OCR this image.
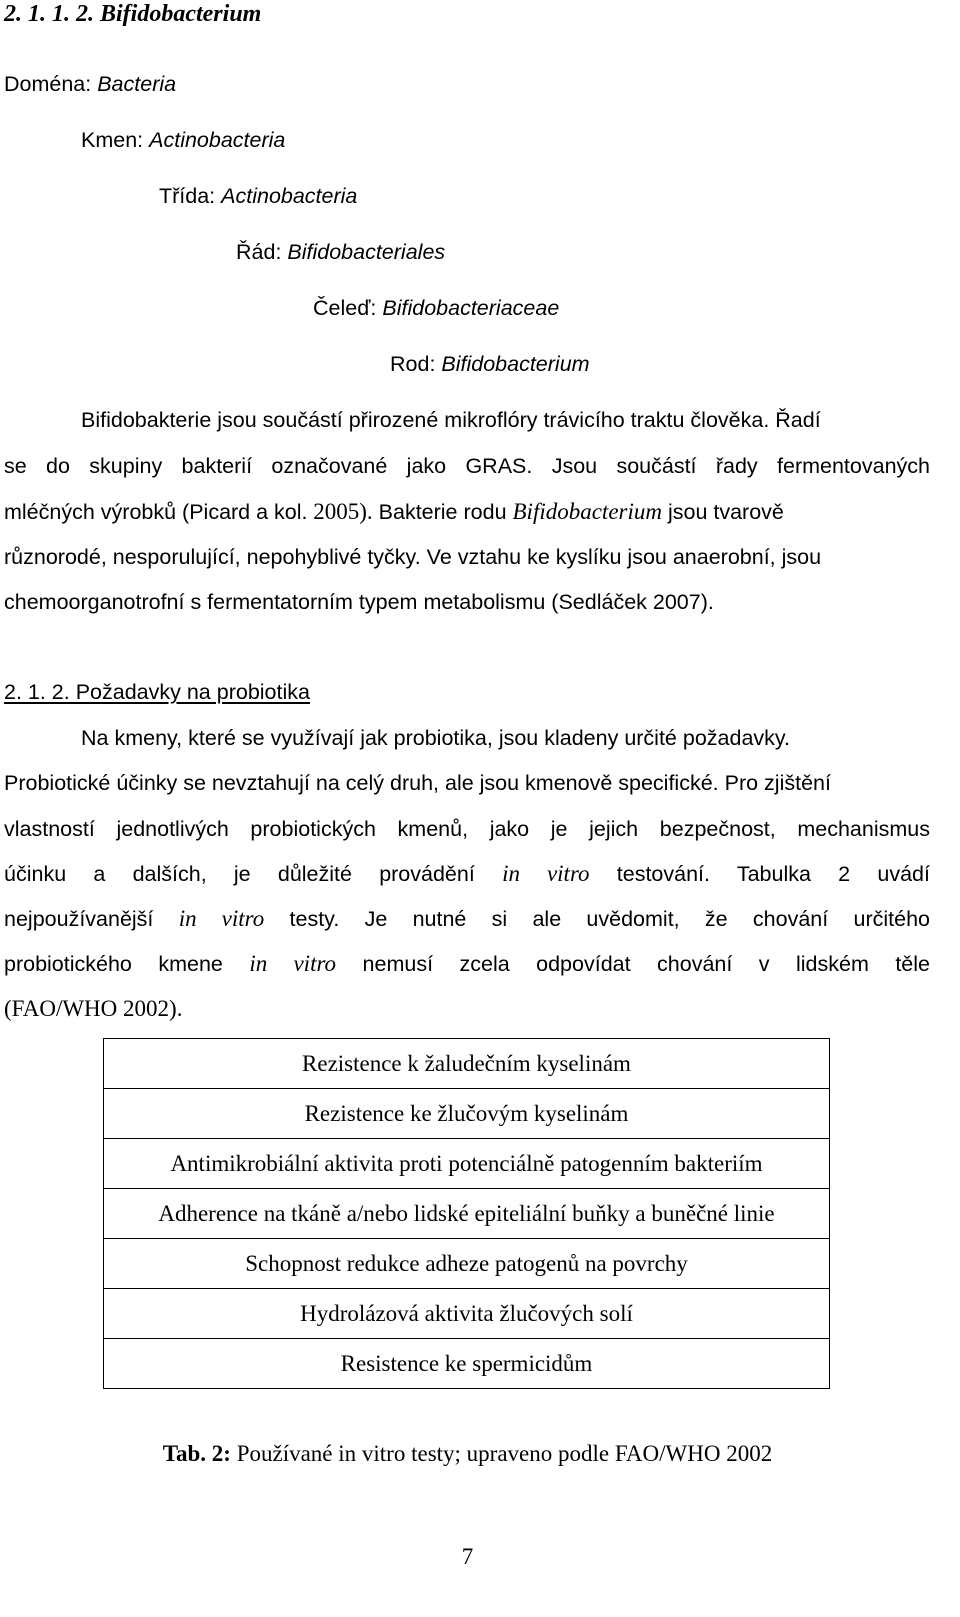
2. 1. 1. 2. Bifidobacterium
Doména: Bacteria
Kmen: Actinobacteria
Třída: Actinobacteria
Řád: Bifidobacteriales
Čeleď: Bifidobacteriaceae
Rod: Bifidobacterium
Bifidobakterie jsou součástí přirozené mikroflóry trávicího traktu člověka. Řadí
se do skupiny bakterií označované jako GRAS. Jsou součástí řady fermentovaných
mléčných výrobků (Picard a kol. 2005). Bakterie rodu Bifidobacterium jsou tvarově
různorodé, nesporulující, nepohyblivé tyčky. Ve vztahu ke kyslíku jsou anaerobní, jsou
chemoorganotrofní s fermentatorním typem metabolismu (Sedláček 2007).
2. 1. 2. Požadavky na probiotika
Na kmeny, které se využívají jak probiotika, jsou kladeny určité požadavky.
Probiotické účinky se nevztahují na celý druh, ale jsou kmenově specifické. Pro zjištění
vlastností jednotlivých probiotických kmenů, jako je jejich bezpečnost, mechanismus
účinku a dalších, je důležité provádění in vitro testování. Tabulka 2 uvádí
nejpoužívanější in vitro testy. Je nutné si ale uvědomit, že chování určitého
probiotického kmene in vitro nemusí zcela odpovídat chování v lidském těle
(FAO/WHO 2002).
Rezistence k žaludečním kyselinám
Rezistence ke žlučovým kyselinám
Antimikrobiální aktivita proti potenciálně patogenním bakteriím
Adherence na tkáně a/nebo lidské epiteliální buňky a buněčné linie
Schopnost redukce adheze patogenů na povrchy
Hydrolázová aktivita žlučových solí
Resistence ke spermicidům
Tab. 2: Používané in vitro testy; upraveno podle FAO/WHO 2002
7
